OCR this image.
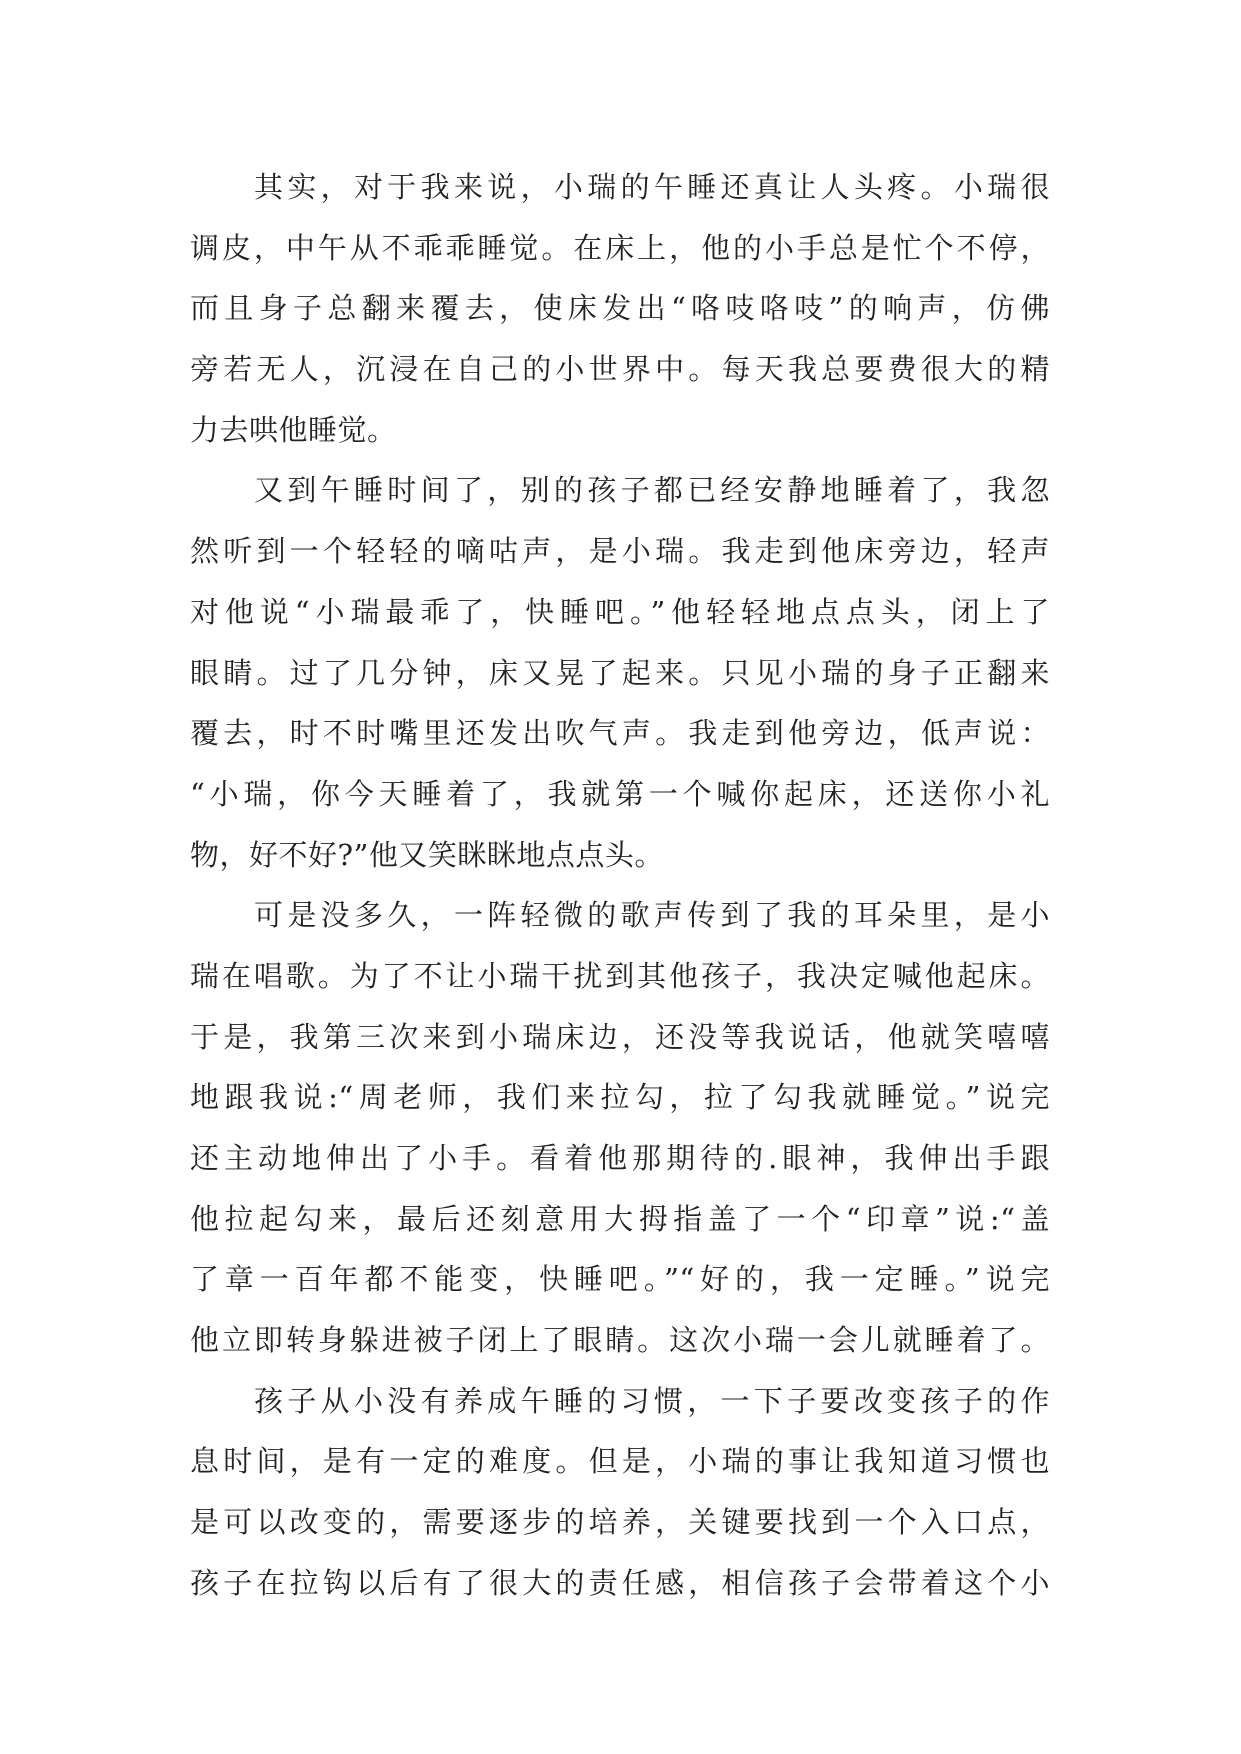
其实，对于我来说，小瑞的午睡还真让人头疼。小瑞很
调皮，中午从不乖乖睡觉。在床上，他的小手总是忙个不停，
而且身子总翻来覆去，使床发出“咯吱咯吱”的响声，仿佛
旁若无人，沉浸在自己的小世界中。每天我总要费很大的精
力去哄他睡觉。
又到午睡时间了，别的孩子都已经安静地睡着了，我忽
然听到一个轻轻的嘀咕声，是小瑞。我走到他床旁边，轻声
对他说“小瑞最乖了，快睡吧。”他轻轻地点点头，闭上了
眼睛。过了几分钟，床又晃了起来。只见小瑞的身子正翻来
覆去，时不时嘴里还发出吹气声。我走到他旁边，低声说：
“小瑞，你今天睡着了，我就第一个喊你起床，还送你小礼
物，好不好?”他又笑眯眯地点点头。
可是没多久，一阵轻微的歌声传到了我的耳朵里，是小
瑞在唱歌。为了不让小瑞干扰到其他孩子，我决定喊他起床。
于是，我第三次来到小瑞床边，还没等我说话，他就笑嘻嘻
地跟我说:“周老师，我们来拉勾，拉了勾我就睡觉。”说完
还主动地伸出了小手。看着他那期待的.眼神，我伸出手跟
他拉起勾来，最后还刻意用大拇指盖了一个“印章”说:“盖
了章一百年都不能变，快睡吧。”“好的，我一定睡。”说完
他立即转身躲进被子闭上了眼睛。这次小瑞一会儿就睡着了。
孩子从小没有养成午睡的习惯，一下子要改变孩子的作
息时间，是有一定的难度。但是，小瑞的事让我知道习惯也
是可以改变的，需要逐步的培养，关键要找到一个入口点，
孩子在拉钩以后有了很大的责任感，相信孩子会带着这个小
